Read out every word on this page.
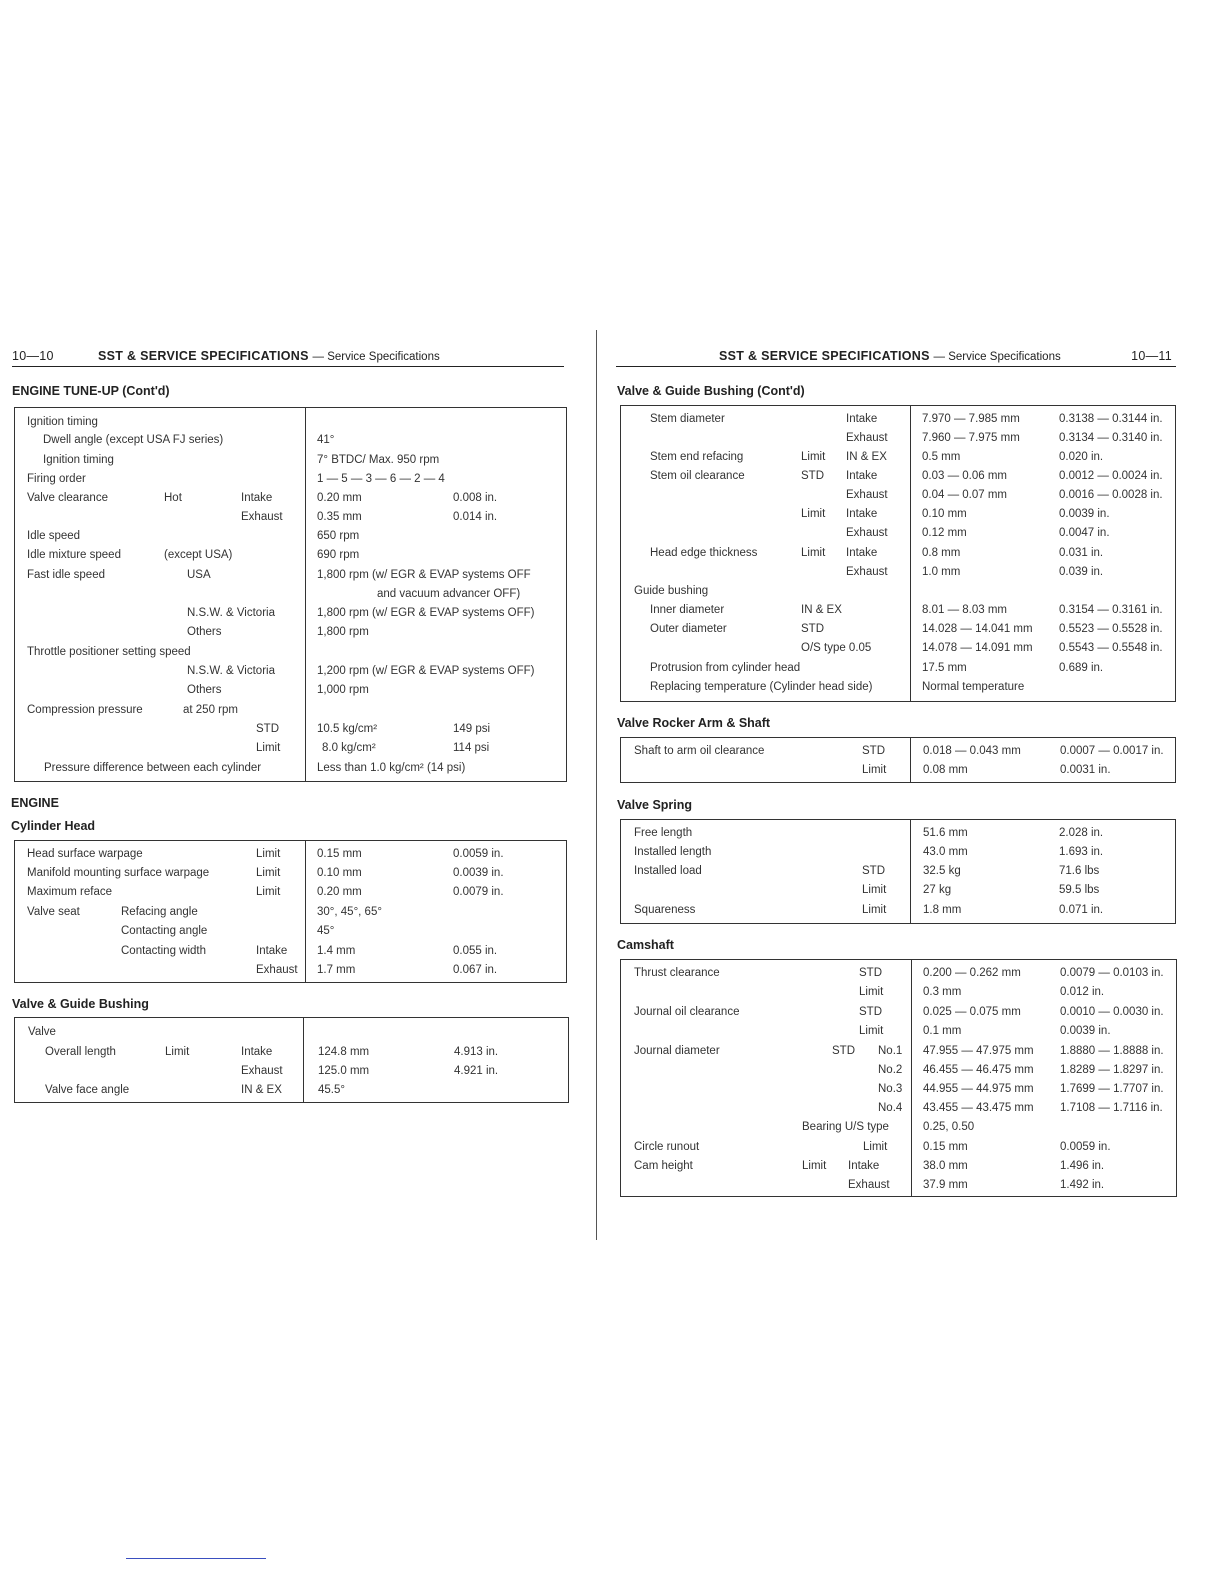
10—10	SST & SERVICE SPECIFICATIONS — Service Specifications	SST & SERVICE SPECIFICATIONS — Service Specifications	10—11
ENGINE TUNE-UP (Cont'd)
Ignition timing
Dwell angle (except USA FJ series)	41°
Ignition timing	7° BTDC/ Max. 950 rpm
Firing order	1 — 5 — 3 — 6 — 2 — 4
Valve clearance	Hot	Intake	0.20 mm	0.008 in.
Exhaust	0.35 mm	0.014 in.
Idle speed	650 rpm
Idle mixture speed	(except USA)	690 rpm
Fast idle speed	USA	1,800 rpm (w/ EGR & EVAP systems OFF
and vacuum advancer OFF)
N.S.W. & Victoria	1,800 rpm (w/ EGR & EVAP systems OFF)
Others	1,800 rpm
Throttle positioner setting speed
N.S.W. & Victoria	1,200 rpm (w/ EGR & EVAP systems OFF)
Others	1,000 rpm
Compression pressure	at 250 rpm
STD	10.5 kg/cm²	149 psi
Limit	8.0 kg/cm²	114 psi
Pressure difference between each cylinder	Less than 1.0 kg/cm² (14 psi)
ENGINE
Cylinder Head
Head surface warpage	Limit	0.15 mm	0.0059 in.
Manifold mounting surface warpage	Limit	0.10 mm	0.0039 in.
Maximum reface	Limit	0.20 mm	0.0079 in.
Valve seat	Refacing angle	30°, 45°, 65°
Contacting angle	45°
Contacting width	Intake	1.4 mm	0.055 in.
Exhaust 1.7 mm	0.067 in.
Valve & Guide Bushing
Valve
Overall length	Limit	Intake	124.8 mm	4.913 in.
Exhaust	125.0 mm	4.921 in.
Valve face angle	IN & EX	45.5°
Valve & Guide Bushing (Cont'd)
Stem diameter	Intake	7.970 — 7.985 mm	0.3138 — 0.3144 in.
Exhaust	7.960 — 7.975 mm	0.3134 — 0.3140 in.
Stem end refacing	Limit IN & EX	0.5 mm	0.020 in.
Stem oil clearance	STD Intake	0.03 — 0.06 mm	0.0012 — 0.0024 in.
Exhaust	0.04 — 0.07 mm	0.0016 — 0.0028 in.
Limit Intake	0.10 mm	0.0039 in.
Exhaust	0.12 mm	0.0047 in.
Head edge thickness	Limit Intake	0.8 mm	0.031 in.
Exhaust	1.0 mm	0.039 in.
Guide bushing
Inner diameter	IN & EX	8.01 — 8.03 mm	0.3154 — 0.3161 in.
Outer diameter	STD	14.028 — 14.041 mm 0.5523 — 0.5528 in.
O/S type 0.05	14.078 — 14.091 mm 0.5543 — 0.5548 in.
Protrusion from cylinder head	17.5 mm	0.689 in.
Replacing temperature (Cylinder head side)	Normal temperature
Valve Rocker Arm & Shaft
Shaft to arm oil clearance	STD	0.018 — 0.043 mm	0.0007 — 0.0017 in.
Limit	0.08 mm	0.0031 in.
Valve Spring
Free length	51.6 mm	2.028 in.
Installed length	43.0 mm	1.693 in.
Installed load	STD	32.5 kg	71.6 lbs
Limit	27 kg	59.5 lbs
Squareness	Limit	1.8 mm	0.071 in.
Camshaft
Thrust clearance	STD	0.200 — 0.262 mm	0.0079 — 0.0103 in.
Limit	0.3 mm	0.012 in.
Journal oil clearance	STD	0.025 — 0.075 mm	0.0010 — 0.0030 in.
Limit	0.1 mm	0.0039 in.
Journal diameter	STD No.1 47.955 — 47.975 mm 1.8880 — 1.8888 in.
No.2 46.455 — 46.475 mm 1.8289 — 1.8297 in.
No.3 44.955 — 44.975 mm 1.7699 — 1.7707 in.
No.4 43.455 — 43.475 mm 1.7108 — 1.7116 in.
Bearing U/S type	0.25, 0.50
Circle runout	Limit	0.15 mm	0.0059 in.
Cam height	Limit Intake	38.0 mm	1.496 in.
Exhaust	37.9 mm	1.492 in.
